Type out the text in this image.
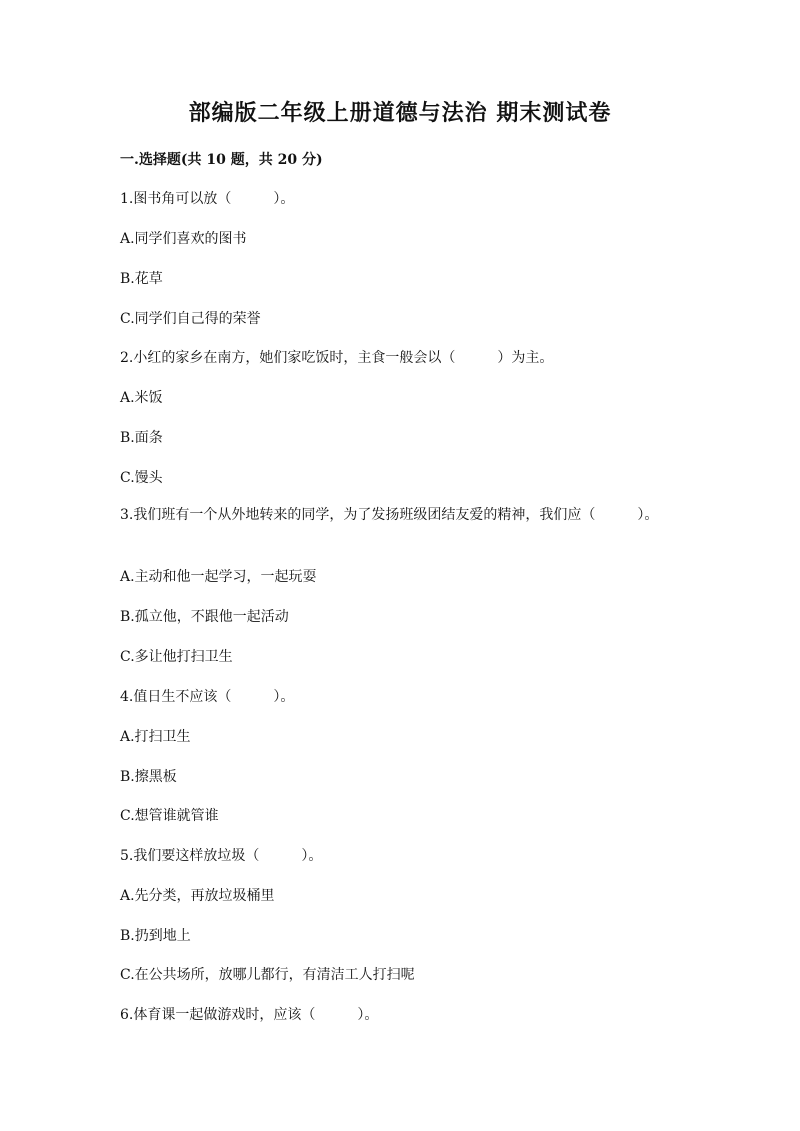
部编版二年级上册道德与法治 期末测试卷
一.选择题(共 10 题，共 20 分)
1.图书角可以放（　　　）。
A.同学们喜欢的图书
B.花草
C.同学们自己得的荣誉
2.小红的家乡在南方，她们家吃饭时，主食一般会以（　　　）为主。
A.米饭
B.面条
C.馒头
3.我们班有一个从外地转来的同学，为了发扬班级团结友爱的精神，我们应（　　　）。
A.主动和他一起学习，一起玩耍
B.孤立他，不跟他一起活动
C.多让他打扫卫生
4.值日生不应该（　　　）。
A.打扫卫生
B.擦黑板
C.想管谁就管谁
5.我们要这样放垃圾（　　　）。
A.先分类，再放垃圾桶里
B.扔到地上
C.在公共场所，放哪儿都行，有清洁工人打扫呢
6.体育课一起做游戏时，应该（　　　）。
